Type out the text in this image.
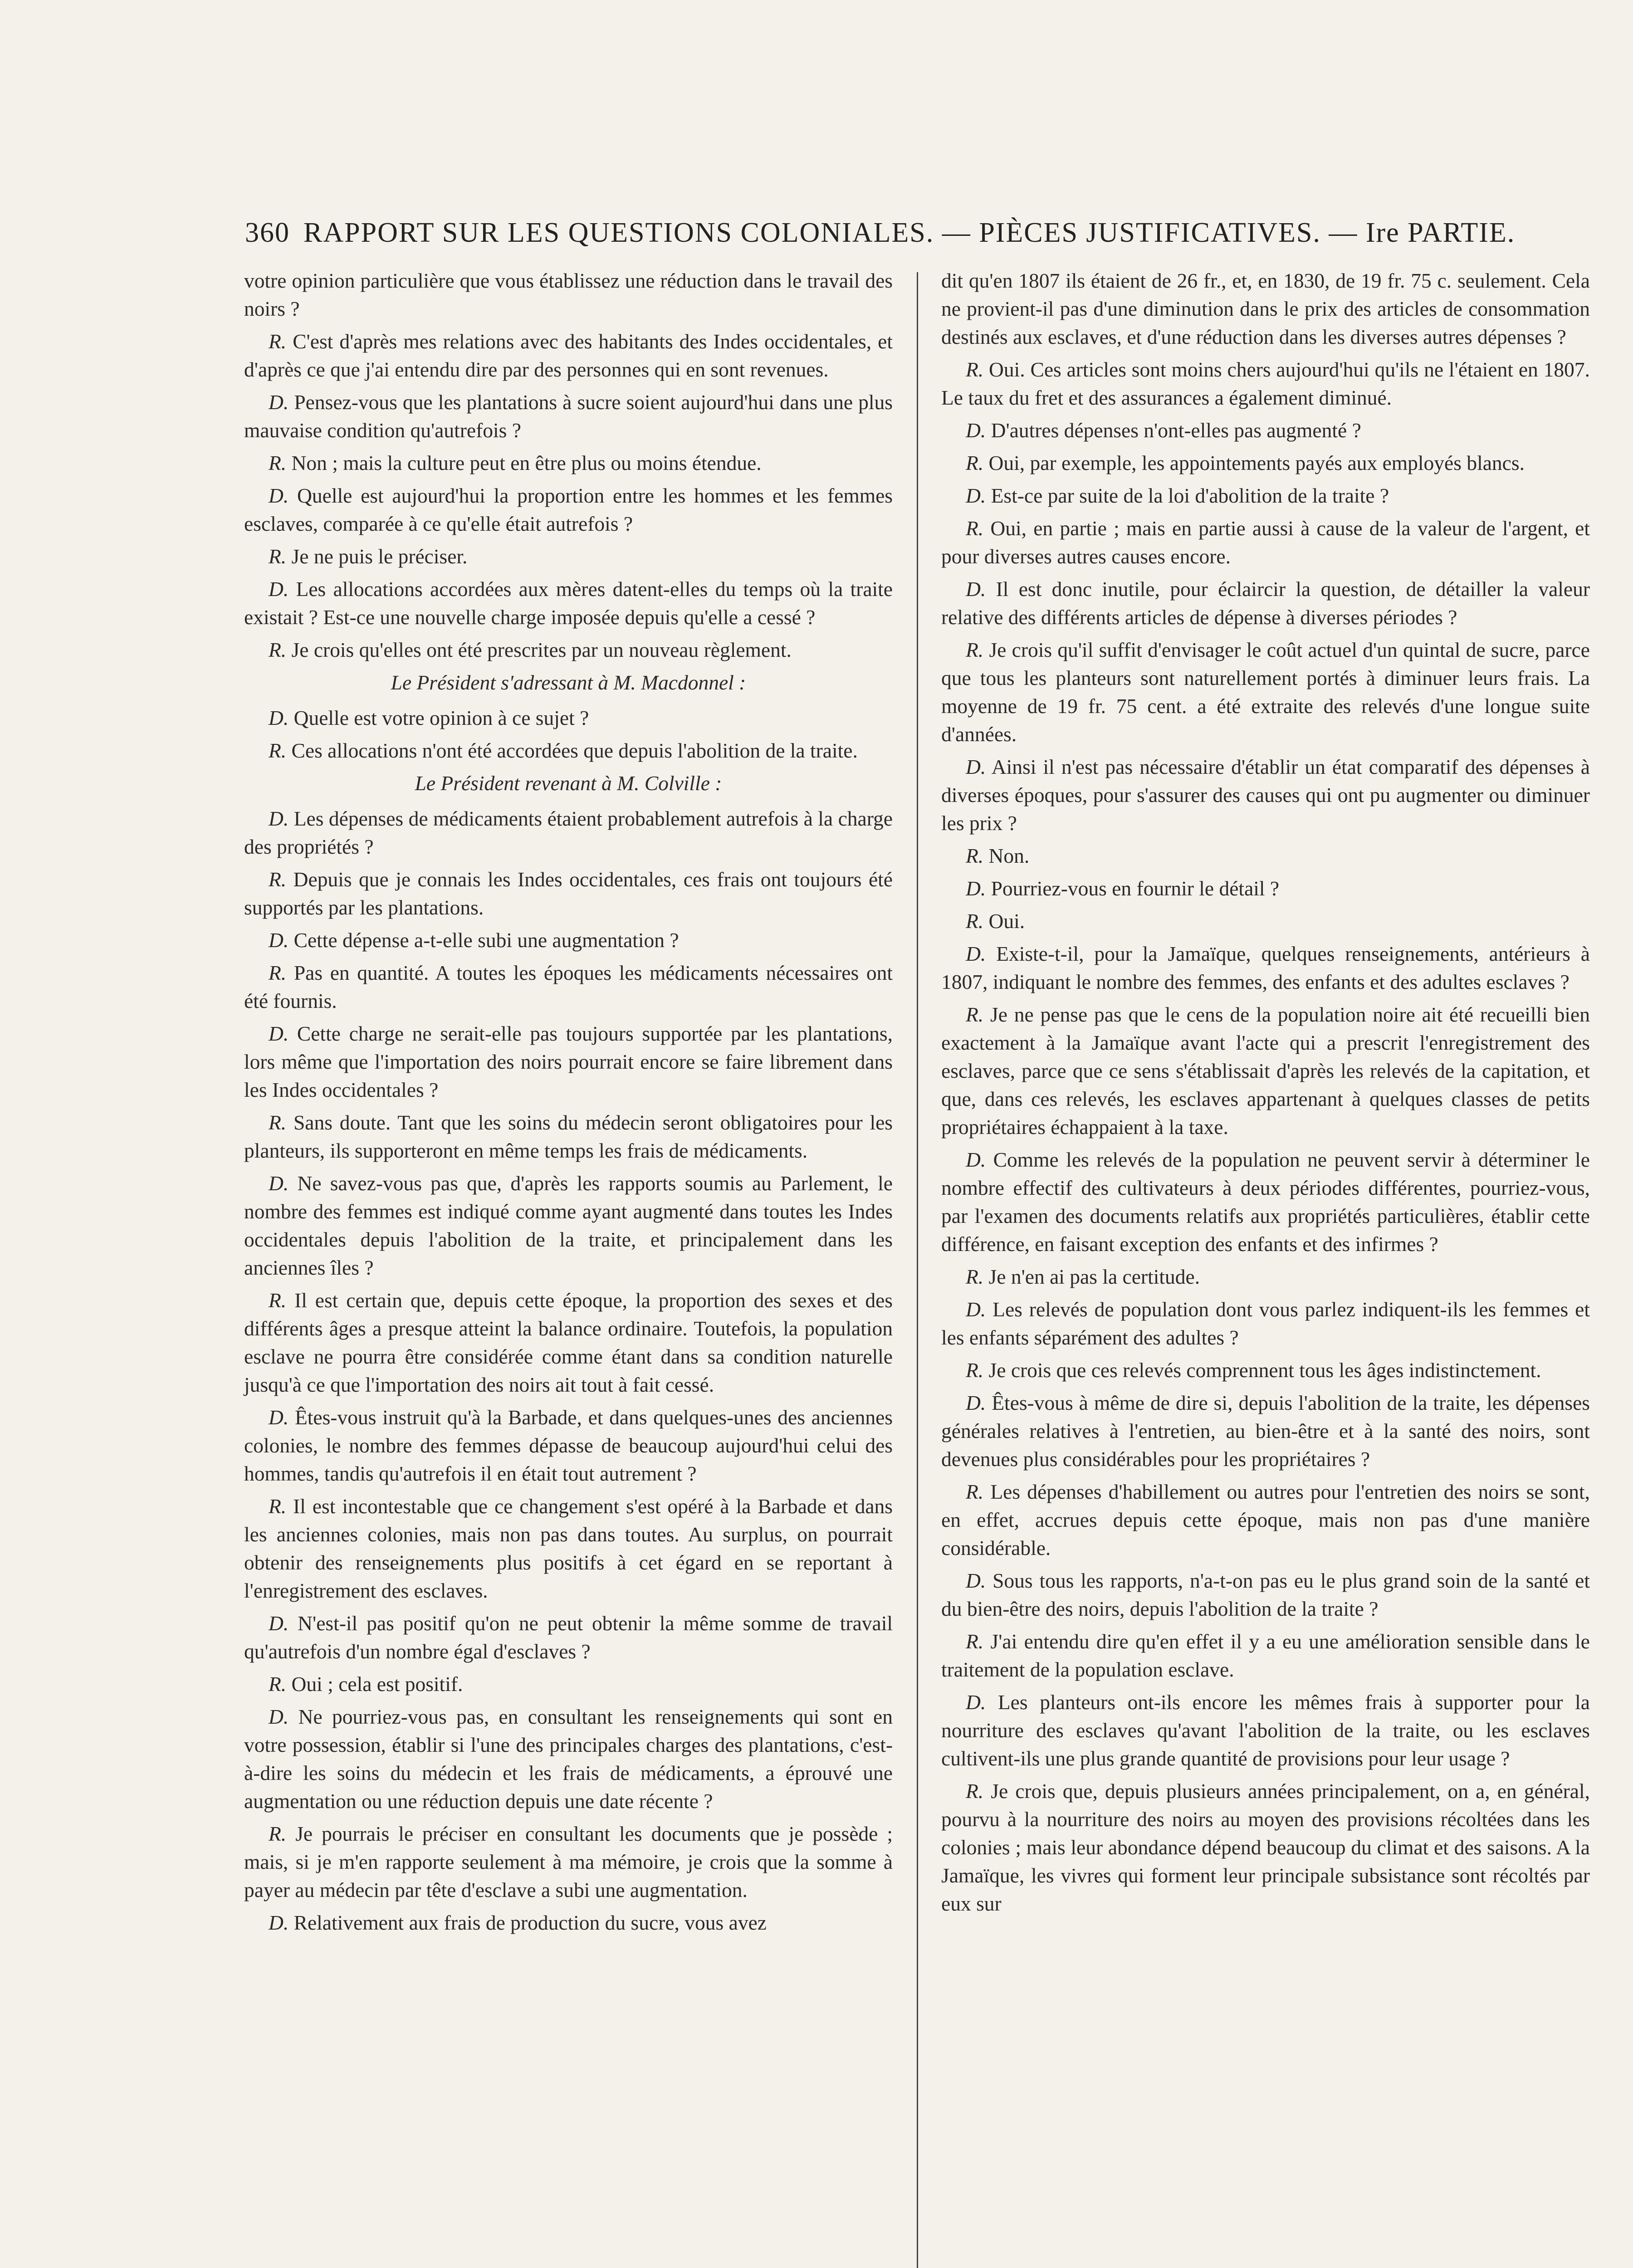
360 RAPPORT SUR LES QUESTIONS COLONIALES. — PIÈCES JUSTIFICATIVES. — Ire PARTIE.

votre opinion particulière que vous établissez une réduction dans le travail des noirs ?

R. C'est d'après mes relations avec des habitants des Indes occidentales, et d'après ce que j'ai entendu dire par des personnes qui en sont revenues.

D. Pensez-vous que les plantations à sucre soient aujourd'hui dans une plus mauvaise condition qu'autrefois ?

R. Non ; mais la culture peut en être plus ou moins étendue.

D. Quelle est aujourd'hui la proportion entre les hommes et les femmes esclaves, comparée à ce qu'elle était autrefois ?

R. Je ne puis le préciser.

D. Les allocations accordées aux mères datent-elles du temps où la traite existait ? Est-ce une nouvelle charge imposée depuis qu'elle a cessé ?

R. Je crois qu'elles ont été prescrites par un nouveau règlement.

Le Président s'adressant à M. Macdonnel :

D. Quelle est votre opinion à ce sujet ?

R. Ces allocations n'ont été accordées que depuis l'abolition de la traite.

Le Président revenant à M. Colville :

D. Les dépenses de médicaments étaient probablement autrefois à la charge des propriétés ?

R. Depuis que je connais les Indes occidentales, ces frais ont toujours été supportés par les plantations.

D. Cette dépense a-t-elle subi une augmentation ?

R. Pas en quantité. A toutes les époques les médicaments nécessaires ont été fournis.

D. Cette charge ne serait-elle pas toujours supportée par les plantations, lors même que l'importation des noirs pourrait encore se faire librement dans les Indes occidentales ?

R. Sans doute. Tant que les soins du médecin seront obligatoires pour les planteurs, ils supporteront en même temps les frais de médicaments.

D. Ne savez-vous pas que, d'après les rapports soumis au Parlement, le nombre des femmes est indiqué comme ayant augmenté dans toutes les Indes occidentales depuis l'abolition de la traite, et principalement dans les anciennes îles ?

R. Il est certain que, depuis cette époque, la proportion des sexes et des différents âges a presque atteint la balance ordinaire. Toutefois, la population esclave ne pourra être considérée comme étant dans sa condition naturelle jusqu'à ce que l'importation des noirs ait tout à fait cessé.

D. Êtes-vous instruit qu'à la Barbade, et dans quelques-unes des anciennes colonies, le nombre des femmes dépasse de beaucoup aujourd'hui celui des hommes, tandis qu'autrefois il en était tout autrement ?

R. Il est incontestable que ce changement s'est opéré à la Barbade et dans les anciennes colonies, mais non pas dans toutes. Au surplus, on pourrait obtenir des renseignements plus positifs à cet égard en se reportant à l'enregistrement des esclaves.

D. N'est-il pas positif qu'on ne peut obtenir la même somme de travail qu'autrefois d'un nombre égal d'esclaves ?

R. Oui ; cela est positif.

D. Ne pourriez-vous pas, en consultant les renseignements qui sont en votre possession, établir si l'une des principales charges des plantations, c'est-à-dire les soins du médecin et les frais de médicaments, a éprouvé une augmentation ou une réduction depuis une date récente ?

R. Je pourrais le préciser en consultant les documents que je possède ; mais, si je m'en rapporte seulement à ma mémoire, je crois que la somme à payer au médecin par tête d'esclave a subi une augmentation.

D. Relativement aux frais de production du sucre, vous avez

dit qu'en 1807 ils étaient de 26 fr., et, en 1830, de 19 fr. 75 c. seulement. Cela ne provient-il pas d'une diminution dans le prix des articles de consommation destinés aux esclaves, et d'une réduction dans les diverses autres dépenses ?

R. Oui. Ces articles sont moins chers aujourd'hui qu'ils ne l'étaient en 1807. Le taux du fret et des assurances a également diminué.

D. D'autres dépenses n'ont-elles pas augmenté ?

R. Oui, par exemple, les appointements payés aux employés blancs.

D. Est-ce par suite de la loi d'abolition de la traite ?

R. Oui, en partie ; mais en partie aussi à cause de la valeur de l'argent, et pour diverses autres causes encore.

D. Il est donc inutile, pour éclaircir la question, de détailler la valeur relative des différents articles de dépense à diverses périodes ?

R. Je crois qu'il suffit d'envisager le coût actuel d'un quintal de sucre, parce que tous les planteurs sont naturellement portés à diminuer leurs frais. La moyenne de 19 fr. 75 cent. a été extraite des relevés d'une longue suite d'années.

D. Ainsi il n'est pas nécessaire d'établir un état comparatif des dépenses à diverses époques, pour s'assurer des causes qui ont pu augmenter ou diminuer les prix ?

R. Non.

D. Pourriez-vous en fournir le détail ?

R. Oui.

D. Existe-t-il, pour la Jamaïque, quelques renseignements, antérieurs à 1807, indiquant le nombre des femmes, des enfants et des adultes esclaves ?

R. Je ne pense pas que le cens de la population noire ait été recueilli bien exactement à la Jamaïque avant l'acte qui a prescrit l'enregistrement des esclaves, parce que ce sens s'établissait d'après les relevés de la capitation, et que, dans ces relevés, les esclaves appartenant à quelques classes de petits propriétaires échappaient à la taxe.

D. Comme les relevés de la population ne peuvent servir à déterminer le nombre effectif des cultivateurs à deux périodes différentes, pourriez-vous, par l'examen des documents relatifs aux propriétés particulières, établir cette différence, en faisant exception des enfants et des infirmes ?

R. Je n'en ai pas la certitude.

D. Les relevés de population dont vous parlez indiquent-ils les femmes et les enfants séparément des adultes ?

R. Je crois que ces relevés comprennent tous les âges indistinctement.

D. Êtes-vous à même de dire si, depuis l'abolition de la traite, les dépenses générales relatives à l'entretien, au bien-être et à la santé des noirs, sont devenues plus considérables pour les propriétaires ?

R. Les dépenses d'habillement ou autres pour l'entretien des noirs se sont, en effet, accrues depuis cette époque, mais non pas d'une manière considérable.

D. Sous tous les rapports, n'a-t-on pas eu le plus grand soin de la santé et du bien-être des noirs, depuis l'abolition de la traite ?

R. J'ai entendu dire qu'en effet il y a eu une amélioration sensible dans le traitement de la population esclave.

D. Les planteurs ont-ils encore les mêmes frais à supporter pour la nourriture des esclaves qu'avant l'abolition de la traite, ou les esclaves cultivent-ils une plus grande quantité de provisions pour leur usage ?

R. Je crois que, depuis plusieurs années principalement, on a, en général, pourvu à la nourriture des noirs au moyen des provisions récoltées dans les colonies ; mais leur abondance dépend beaucoup du climat et des saisons. A la Jamaïque, les vivres qui forment leur principale subsistance sont récoltés par eux sur
